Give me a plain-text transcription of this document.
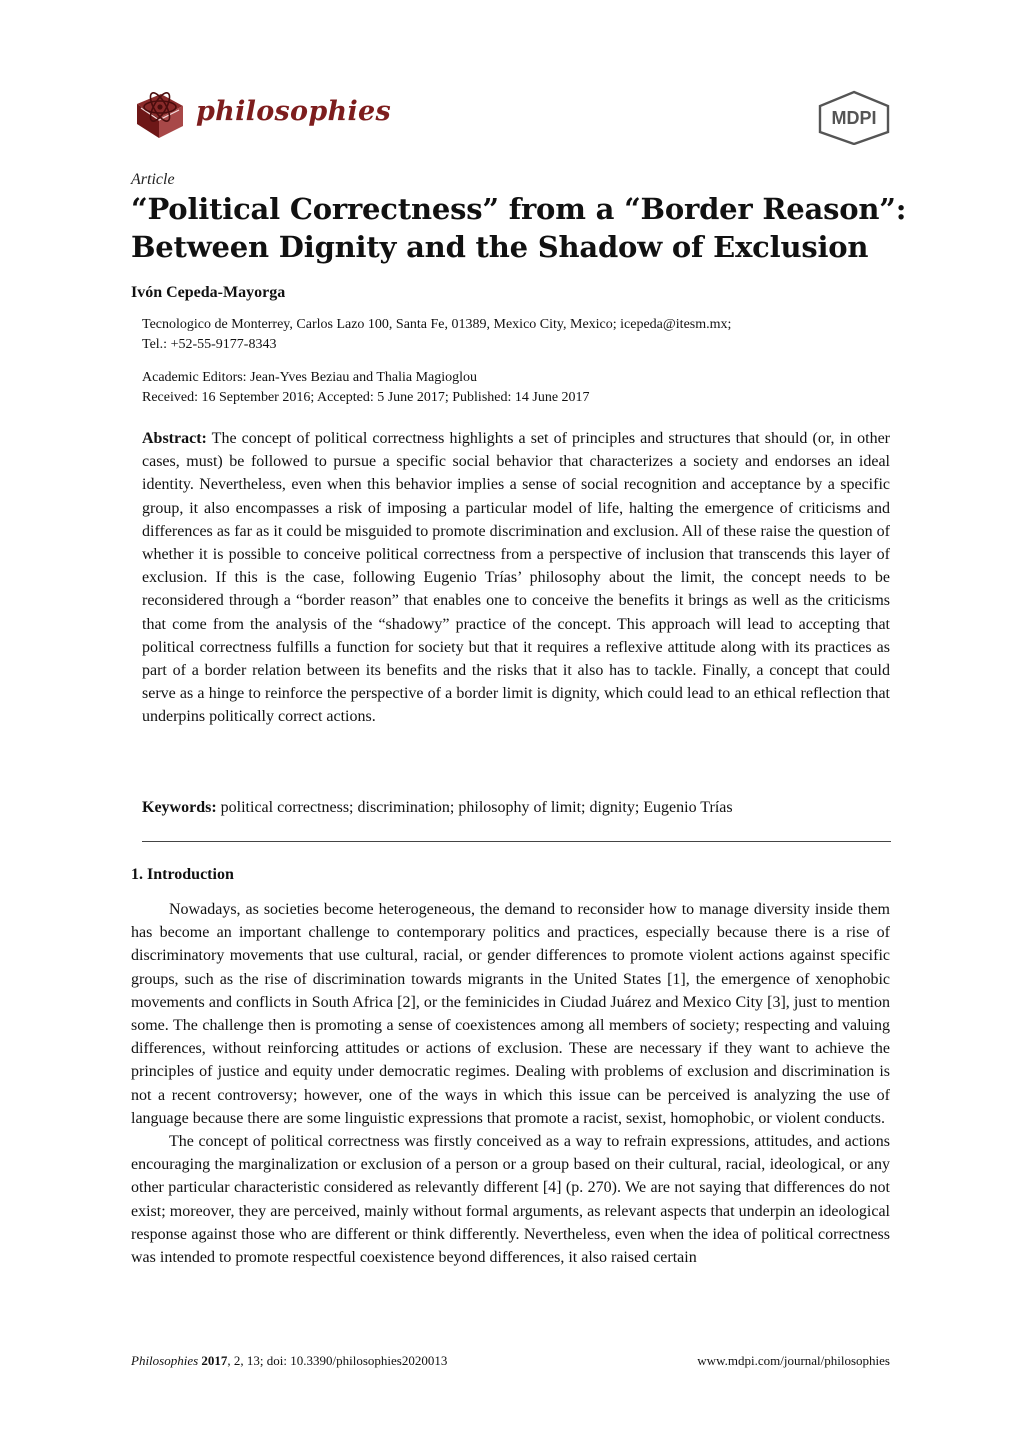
philosophies	MDPI
Article
“Political Correctness” from a “Border Reason”:
Between Dignity and the Shadow of Exclusion
Ivón Cepeda-Mayorga
Tecnologico de Monterrey, Carlos Lazo 100, Santa Fe, 01389, Mexico City, Mexico; icepeda@itesm.mx;
Tel.: +52-55-9177-8343
Academic Editors: Jean-Yves Beziau and Thalia Magioglou
Received: 16 September 2016; Accepted: 5 June 2017; Published: 14 June 2017
Abstract: The concept of political correctness highlights a set of principles and structures that should (or, in other cases, must) be followed to pursue a specific social behavior that characterizes a society and endorses an ideal identity. Nevertheless, even when this behavior implies a sense of social recognition and acceptance by a specific group, it also encompasses a risk of imposing a particular model of life, halting the emergence of criticisms and differences as far as it could be misguided to promote discrimination and exclusion. All of these raise the question of whether it is possible to conceive political correctness from a perspective of inclusion that transcends this layer of exclusion. If this is the case, following Eugenio Trías’ philosophy about the limit, the concept needs to be reconsidered through a “border reason” that enables one to conceive the benefits it brings as well as the criticisms that come from the analysis of the “shadowy” practice of the concept. This approach will lead to accepting that political correctness fulfills a function for society but that it requires a reflexive attitude along with its practices as part of a border relation between its benefits and the risks that it also has to tackle. Finally, a concept that could serve as a hinge to reinforce the perspective of a border limit is dignity, which could lead to an ethical reflection that underpins politically correct actions.
Keywords: political correctness; discrimination; philosophy of limit; dignity; Eugenio Trías
1. Introduction

Nowadays, as societies become heterogeneous, the demand to reconsider how to manage diversity inside them has become an important challenge to contemporary politics and practices, especially because there is a rise of discriminatory movements that use cultural, racial, or gender differences to promote violent actions against specific groups, such as the rise of discrimination towards migrants in the United States [1], the emergence of xenophobic movements and conflicts in South Africa [2], or the feminicides in Ciudad Juárez and Mexico City [3], just to mention some. The challenge then is promoting a sense of coexistences among all members of society; respecting and valuing differences, without reinforcing attitudes or actions of exclusion. These are necessary if they want to achieve the principles of justice and equity under democratic regimes. Dealing with problems of exclusion and discrimination is not a recent controversy; however, one of the ways in which this issue can be perceived is analyzing the use of language because there are some linguistic expressions that promote a racist, sexist, homophobic, or violent conducts.

The concept of political correctness was firstly conceived as a way to refrain expressions, attitudes, and actions encouraging the marginalization or exclusion of a person or a group based on their cultural, racial, ideological, or any other particular characteristic considered as relevantly different [4] (p. 270). We are not saying that differences do not exist; moreover, they are perceived, mainly without formal arguments, as relevant aspects that underpin an ideological response against those who are different or think differently. Nevertheless, even when the idea of political correctness was intended to promote respectful coexistence beyond differences, it also raised certain

Philosophies 2017, 2, 13; doi: 10.3390/philosophies2020013	www.mdpi.com/journal/philosophies
